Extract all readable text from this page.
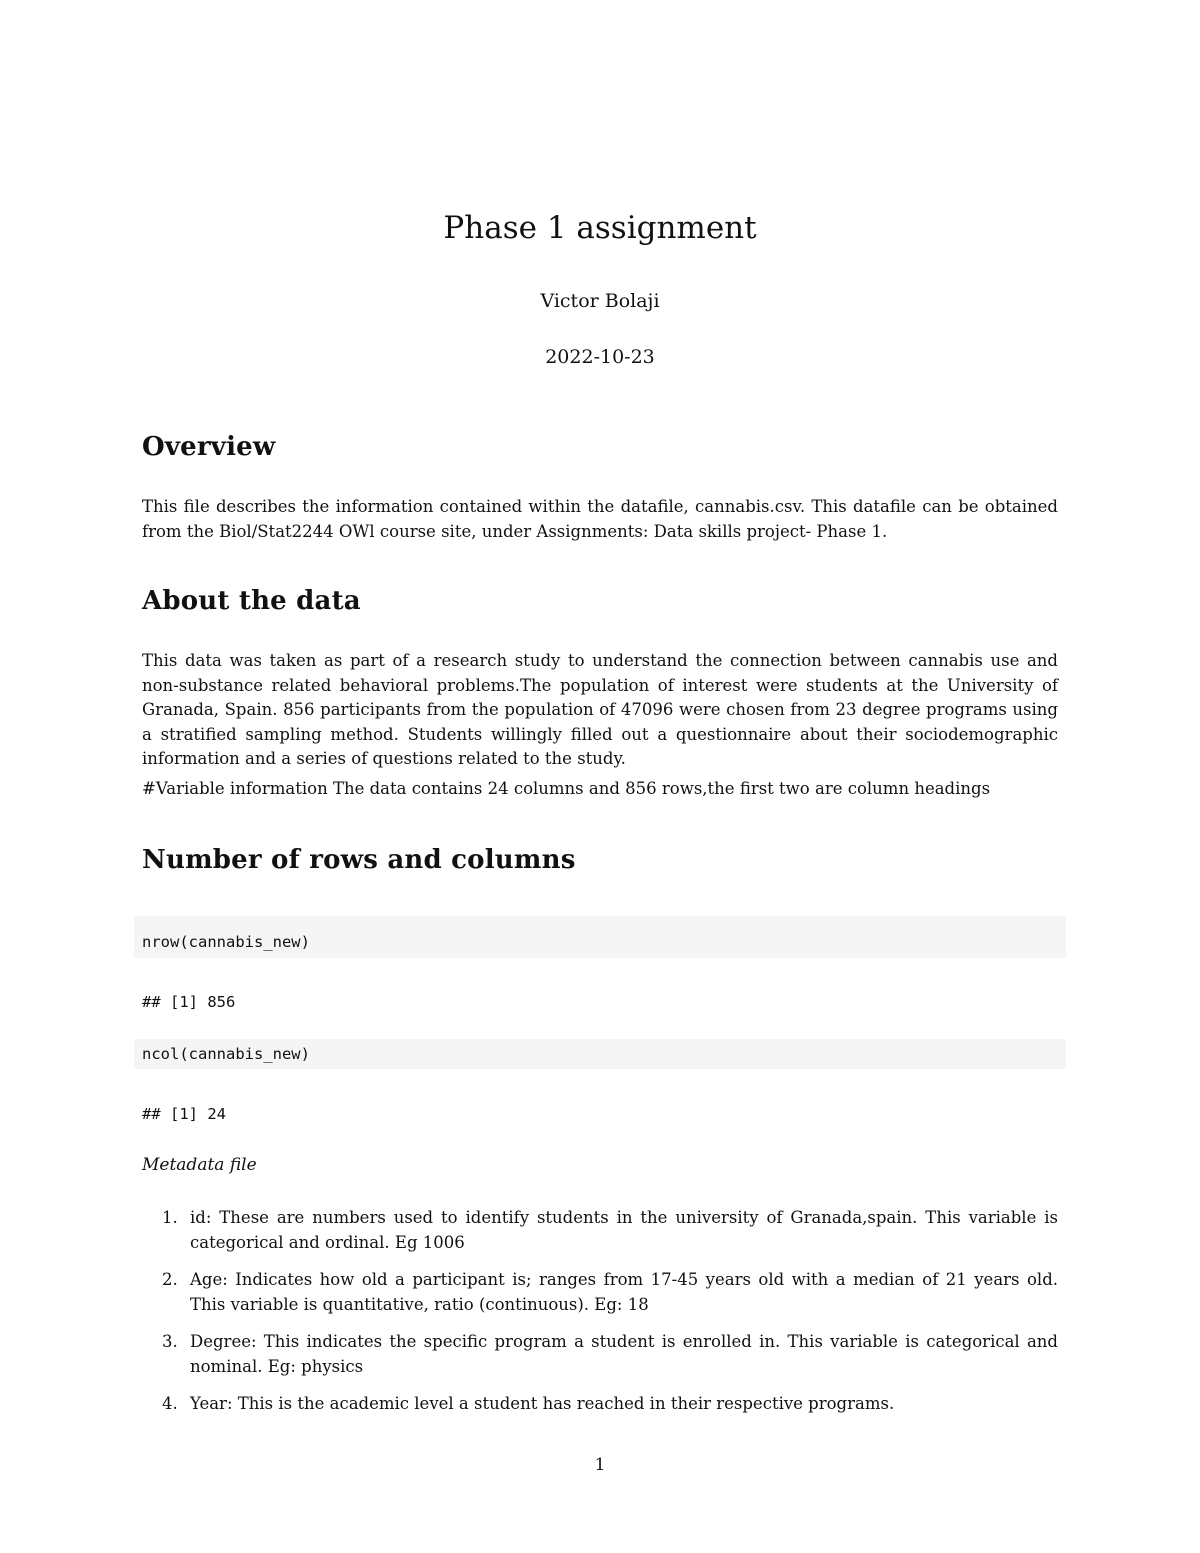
Phase 1 assignment
Victor Bolaji
2022-10-23
Overview

This file describes the information contained within the datafile, cannabis.csv. This datafile can be obtained from the Biol/Stat2244 OWl course site, under Assignments: Data skills project- Phase 1.

About the data

This data was taken as part of a research study to understand the connection between cannabis use and non-substance related behavioral problems.The population of interest were students at the University of Granada, Spain. 856 participants from the population of 47096 were chosen from 23 degree programs using a stratified sampling method. Students willingly filled out a questionnaire about their sociodemographic information and a series of questions related to the study.

#Variable information The data contains 24 columns and 856 rows,the first two are column headings

Number of rows and columns
nrow(cannabis_new)
## [1] 856
ncol(cannabis_new)
## [1] 24
Metadata file
1. id: These are numbers used to identify students in the university of Granada,spain. This variable is categorical and ordinal. Eg 1006
2. Age: Indicates how old a participant is; ranges from 17-45 years old with a median of 21 years old. This variable is quantitative, ratio (continuous). Eg: 18
3. Degree: This indicates the specific program a student is enrolled in. This variable is categorical and nominal. Eg: physics
4. Year: This is the academic level a student has reached in their respective programs.
1
